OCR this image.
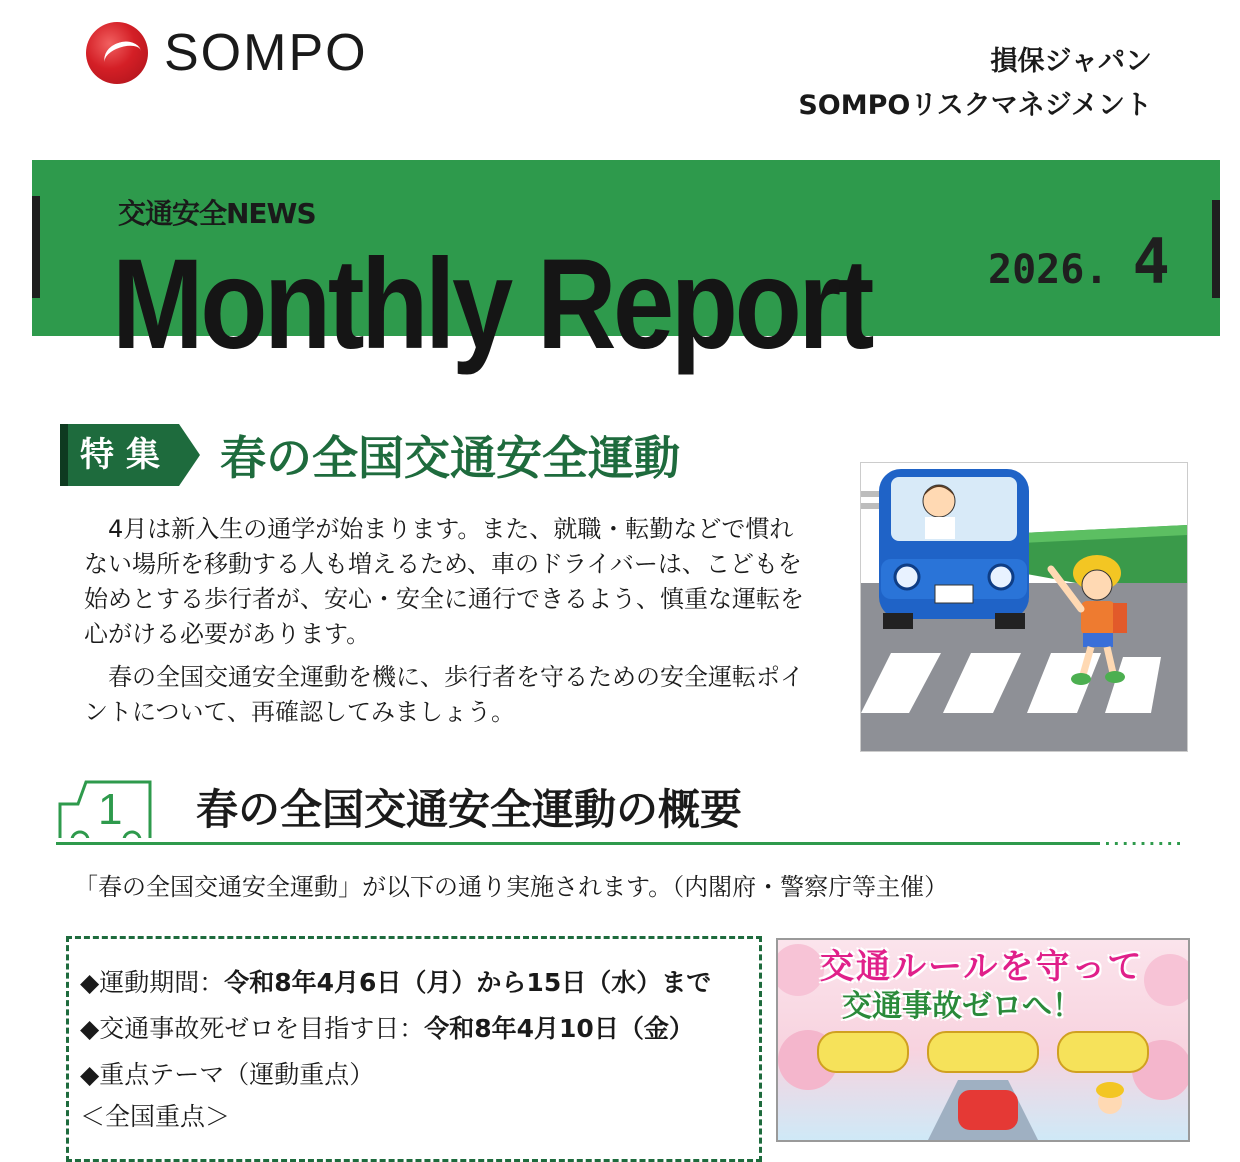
SOMPO	損保ジャパン
SOMPOリスクマネジメント
交通安全NEWS
Monthly Report	2026. 4
特集 春の全国交通安全運動
　4月は新入生の通学が始まります。また、就職・転勤などで慣れない場所を移動する人も増えるため、車のドライバーは、こどもを始めとする歩行者が、安心・安全に通行できるよう、慎重な運転を心がける必要があります。
　春の全国交通安全運動を機に、歩行者を守るための安全運転ポイントについて、再確認してみましょう。
1 春の全国交通安全運動の概要
「春の全国交通安全運動」が以下の通り実施されます。（内閣府・警察庁等主催）
◆運動期間：令和8年4月6日（月）から15日（水）まで
◆交通事故死ゼロを目指す日：令和8年4月10日（金）
◆重点テーマ（運動重点）
＜全国重点＞
交通ルールを守って
交通事故ゼロへ！
